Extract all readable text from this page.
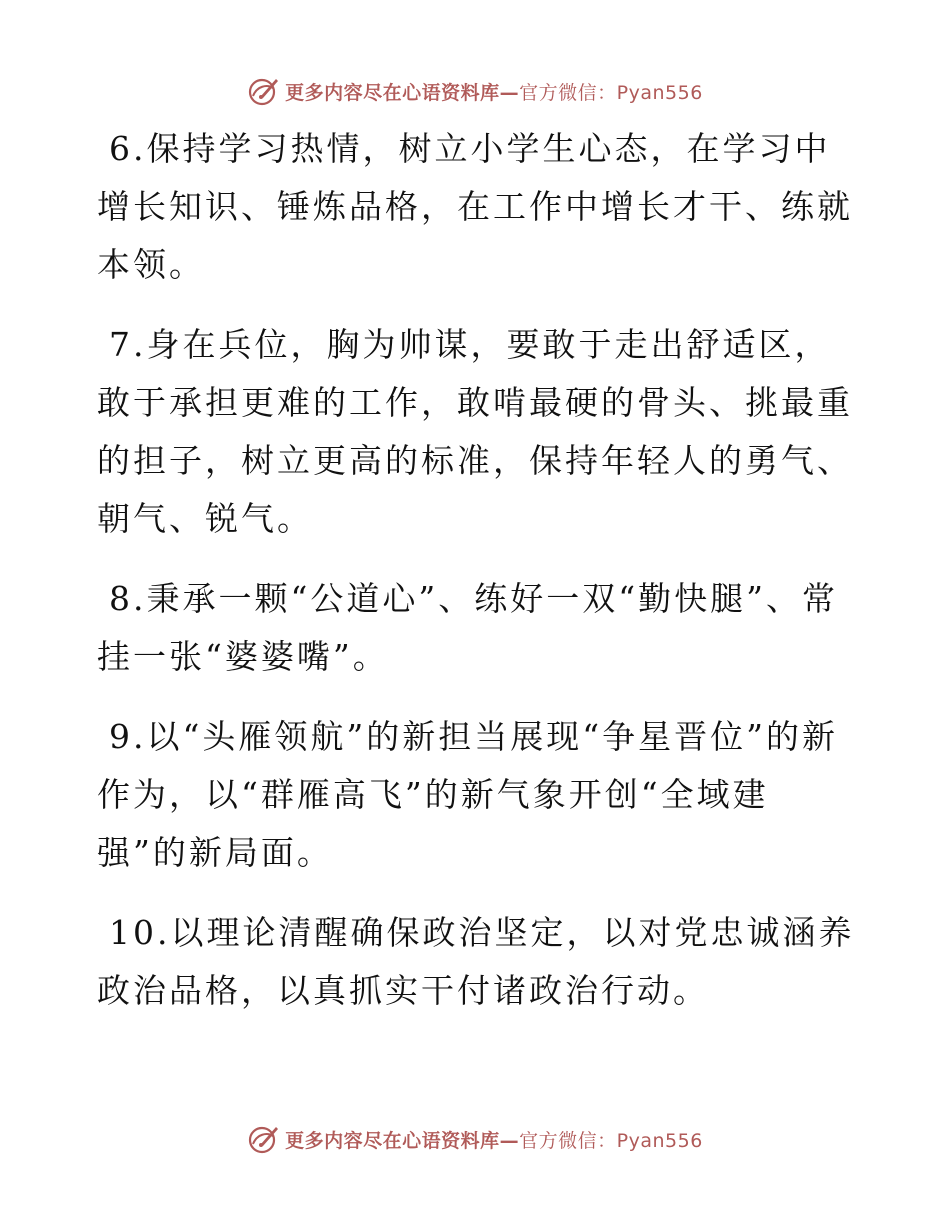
更多内容尽在心语资料库—官方微信：Pyan556

6.保持学习热情，树立小学生心态，在学习中增长知识、锤炼品格，在工作中增长才干、练就本领。

7.身在兵位，胸为帅谋，要敢于走出舒适区，敢于承担更难的工作，敢啃最硬的骨头、挑最重的担子，树立更高的标准，保持年轻人的勇气、朝气、锐气。

8.秉承一颗“公道心”、练好一双“勤快腿”、常挂一张“婆婆嘴”。

9.以“头雁领航”的新担当展现“争星晋位”的新作为，以“群雁高飞”的新气象开创“全域建强”的新局面。

10.以理论清醒确保政治坚定，以对党忠诚涵养政治品格，以真抓实干付诸政治行动。

更多内容尽在心语资料库—官方微信：Pyan556
